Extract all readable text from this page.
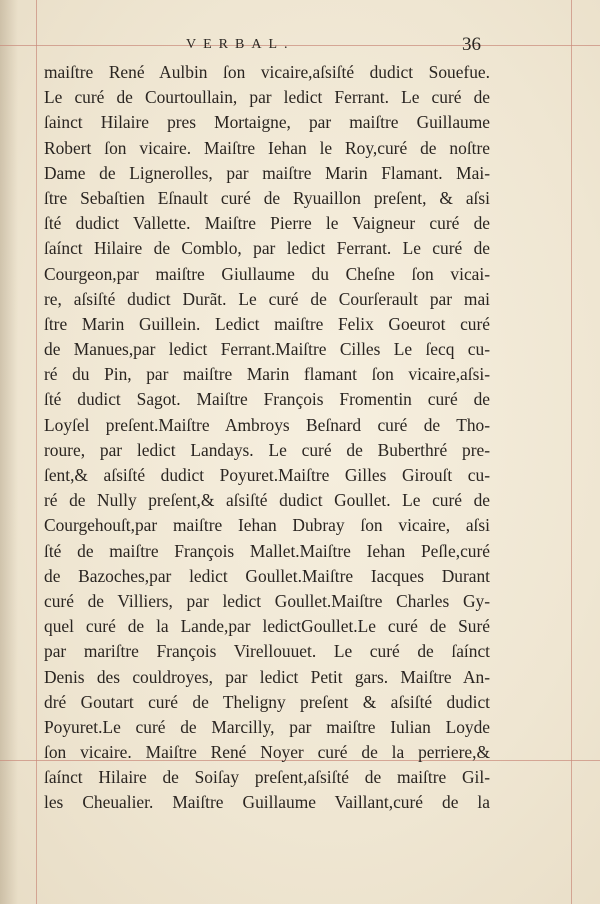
VERBAL.	36
maiſtre René Aulbin ſon vicaire,aſsiſté dudict Souefue.
Le curé de Courtoullain, par ledict Ferrant. Le curé de
ſainct Hilaire pres Mortaigne, par maiſtre Guillaume
Robert ſon vicaire. Maiſtre Iehan le Roy,curé de noſtre
Dame de Lignerolles, par maiſtre Marin Flamant. Mai-
ſtre Sebaſtien Eſnault curé de Ryuaillon preſent, & aſsi
ſté dudict Vallette. Maiſtre Pierre le Vaigneur curé de
ſaínct Hilaire de Comblo, par ledict Ferrant. Le curé de
Courgeon,par maiſtre Giullaume du Cheſne ſon vicai-
re, aſsiſté dudict Durãt. Le curé de Courſerault par mai
ſtre Marin Guillein. Ledict maiſtre Felix Goeurot curé
de Manues,par ledict Ferrant.Maiſtre Cilles Le ſecq cu-
ré du Pin, par maiſtre Marin flamant ſon vicaire,aſsi-
ſté dudict Sagot. Maiſtre François Fromentin curé de
Loyſel preſent.Maiſtre Ambroys Beſnard curé de Tho-
roure, par ledict Landays. Le curé de Buberthré pre-
ſent,& aſsiſté dudict Poyuret.Maiſtre Gilles Girouſt cu-
ré de Nully preſent,& aſsiſté dudict Goullet. Le curé de
Courgehouſt,par maiſtre Iehan Dubray ſon vicaire, aſsi
ſté de maiſtre François Mallet.Maiſtre Iehan Peſle,curé
de Bazoches,par ledict Goullet.Maiſtre Iacques Durant
curé de Villiers, par ledict Goullet.Maiſtre Charles Gy-
quel curé de la Lande,par ledictGoullet.Le curé de Suré
par mariſtre François Virellouuet. Le curé de ſaínct
Denis des couldroyes, par ledict Petit gars. Maiſtre An-
dré Goutart curé de Theligny preſent & aſsiſté dudict
Poyuret.Le curé de Marcilly, par maiſtre Iulian Loyde
ſon vicaire. Maiſtre René Noyer curé de la perriere,&
ſaínct Hilaire de Soiſay preſent,aſsiſté de maiſtre Gil-
les Cheualier. Maiſtre Guillaume Vaillant,curé de la
